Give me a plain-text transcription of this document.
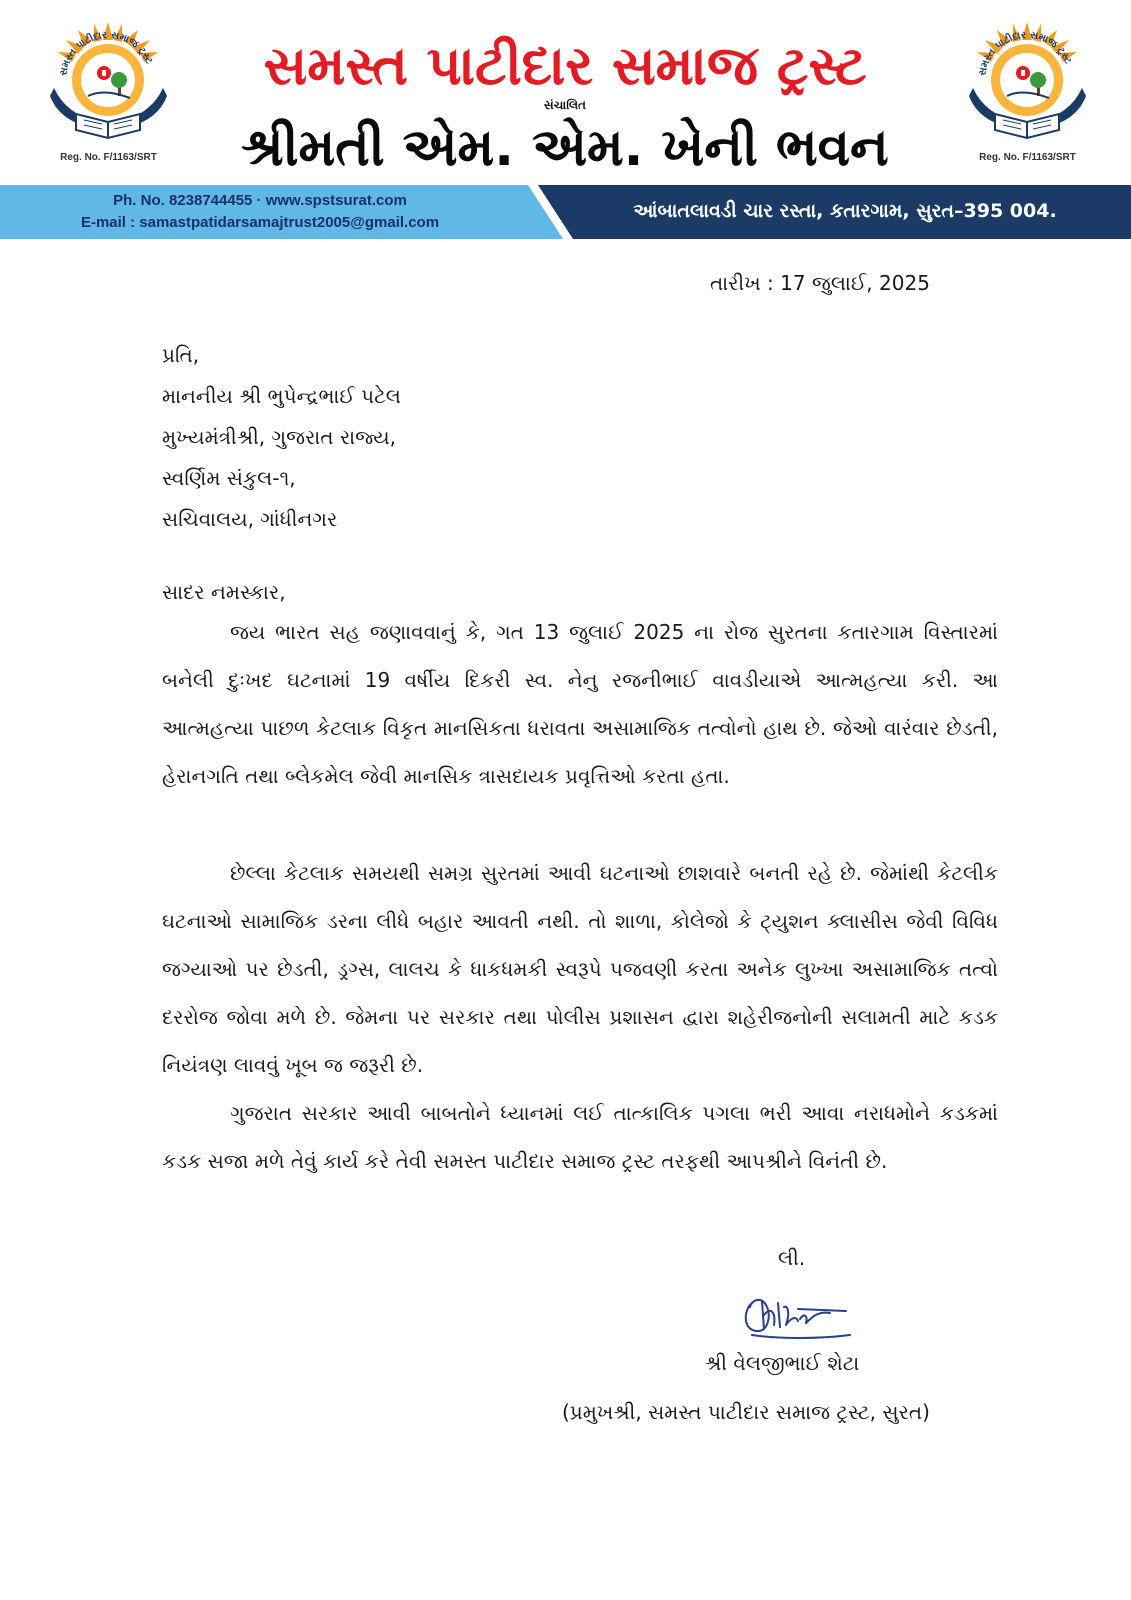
સમસ્ત પાટીદાર સમાજ ટ્રસ્ટ
Reg. No. F/1163/SRT
સમસ્ત પાટીદાર સમાજ ટ્રસ્ટ
Reg. No. F/1163/SRT
સમસ્ત પાટીદાર સમાજ ટ્રસ્ટ
સંચાલિત
શ્રીમતી એમ. એમ. ખેની ભવન
Ph. No. 8238744455 · www.spstsurat.com
E-mail : samastpatidarsamajtrust2005@gmail.com
આંબાતલાવડી ચાર રસ્તા, કતારગામ, સુરત–395 004.
તારીખ : 17 જુલાઈ, 2025
પ્રતિ,
માનનીય શ્રી ભુપેન્દ્રભાઈ પટેલ
મુખ્યમંત્રીશ્રી, ગુજરાત રાજ્ય,
સ્વર્ણિમ સંકુલ-૧,
સચિવાલય, ગાંધીનગર
સાદર નમસ્કાર,
જય ભારત સહ જણાવવાનું કે, ગત 13 જુલાઈ 2025 ના રોજ સુરતના કતારગામ વિસ્તારમાં બનેલી દુઃખદ ઘટનામાં 19 વર્ષીય દિકરી સ્વ. નેનુ રજનીભાઈ વાવડીયાએ આત્મહત્યા કરી. આ આત્મહત્યા પાછળ કેટલાક વિકૃત માનસિકતા ધરાવતા અસામાજિક તત્વોનો હાથ છે. જેઓ વારંવાર છેડતી, હેરાનગતિ તથા બ્લેકમેલ જેવી માનસિક ત્રાસદાયક પ્રવૃત્તિઓ કરતા હતા.
છેલ્લા કેટલાક સમયથી સમગ્ર સુરતમાં આવી ઘટનાઓ છાશવારે બનતી રહે છે. જેમાંથી કેટલીક ઘટનાઓ સામાજિક ડરના લીધે બહાર આવતી નથી. તો શાળા, કોલેજો કે ટ્યુશન ક્લાસીસ જેવી વિવિધ જગ્યાઓ પર છેડતી, ડ્રગ્સ, લાલચ કે ધાકધમકી સ્વરૂપે પજવણી કરતા અનેક લુખ્ખા અસામાજિક તત્વો દરરોજ જોવા મળે છે. જેમના પર સરકાર તથા પોલીસ પ્રશાસન દ્વારા શહેરીજનોની સલામતી માટે કડક નિયંત્રણ લાવવું ખૂબ જ જરૂરી છે.
ગુજરાત સરકાર આવી બાબતોને ધ્યાનમાં લઈ તાત્કાલિક પગલા ભરી આવા નરાધમોને કડકમાં કડક સજા મળે તેવું કાર્ય કરે તેવી સમસ્ત પાટીદાર સમાજ ટ્રસ્ટ તરફથી આપશ્રીને વિનંતી છે.
લી.
શ્રી વેલજીભાઈ શેટા
(પ્રમુખશ્રી, સમસ્ત પાટીદાર સમાજ ટ્રસ્ટ, સુરત)
